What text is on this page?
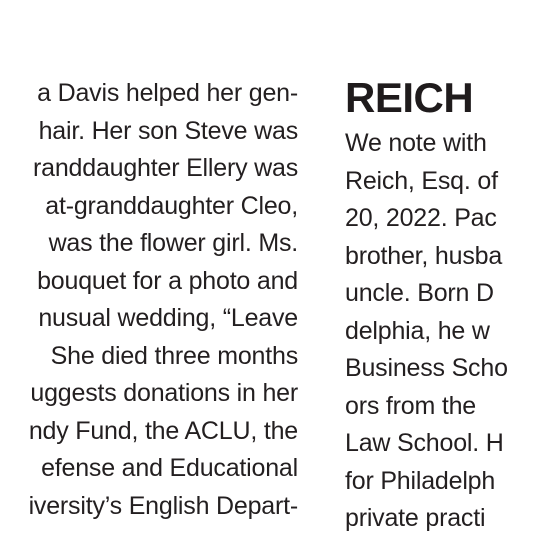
a Davis helped her gen-
hair. Her son Steve was
randdaughter Ellery was
at-granddaughter Cleo,
was the flower girl. Ms.
bouquet for a photo and
nusual wedding, “Leave
She died three months
uggests donations in her
ndy Fund, the ACLU, the
efense and Educational
iversity’s English Depart-
REICH
We note with
Reich, Esq. of
20, 2022. Pac
brother, husba
uncle. Born D
delphia, he w
Business Scho
ors from the
Law School. H
for Philadelph
private practi
